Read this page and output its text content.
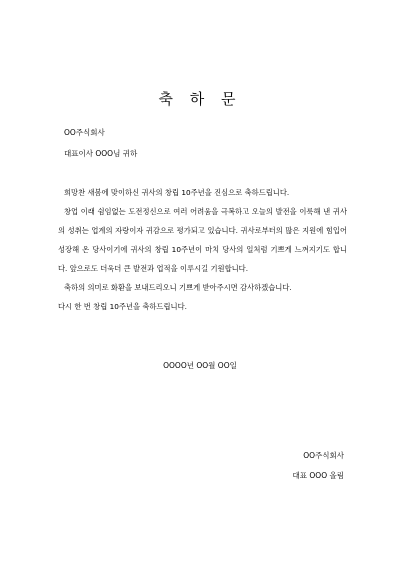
축 하 문
OO주식회사
대표이사 OOO님 귀하

희망찬 새봄에 맞이하신 귀사의 창립 10주년을 진심으로 축하드립니다.

창업 이래 쉼임없는 도전정신으로 여러 어려움을 극복하고 오늘의 발전을 이룩해 낸 귀사의 성취는 업계의 자랑이자 귀감으로 평가되고 있습니다. 귀사로부터의 많은 지원에 힘입어 성장해 온 당사이기에 귀사의 창립 10주년이 마치 당사의 일처럼 기쁘게 느껴지기도 합니다. 앞으로도 더욱더 큰 발전과 업적을 이루시길 기원합니다.

축하의 의미로 화환을 보내드리오니 기쁘게 받아주시면 감사하겠습니다.

다시 한 번 창립 10주년을 축하드립니다.

OOOO년 OO월 OO일
OO주식회사
대표 OOO 올림
